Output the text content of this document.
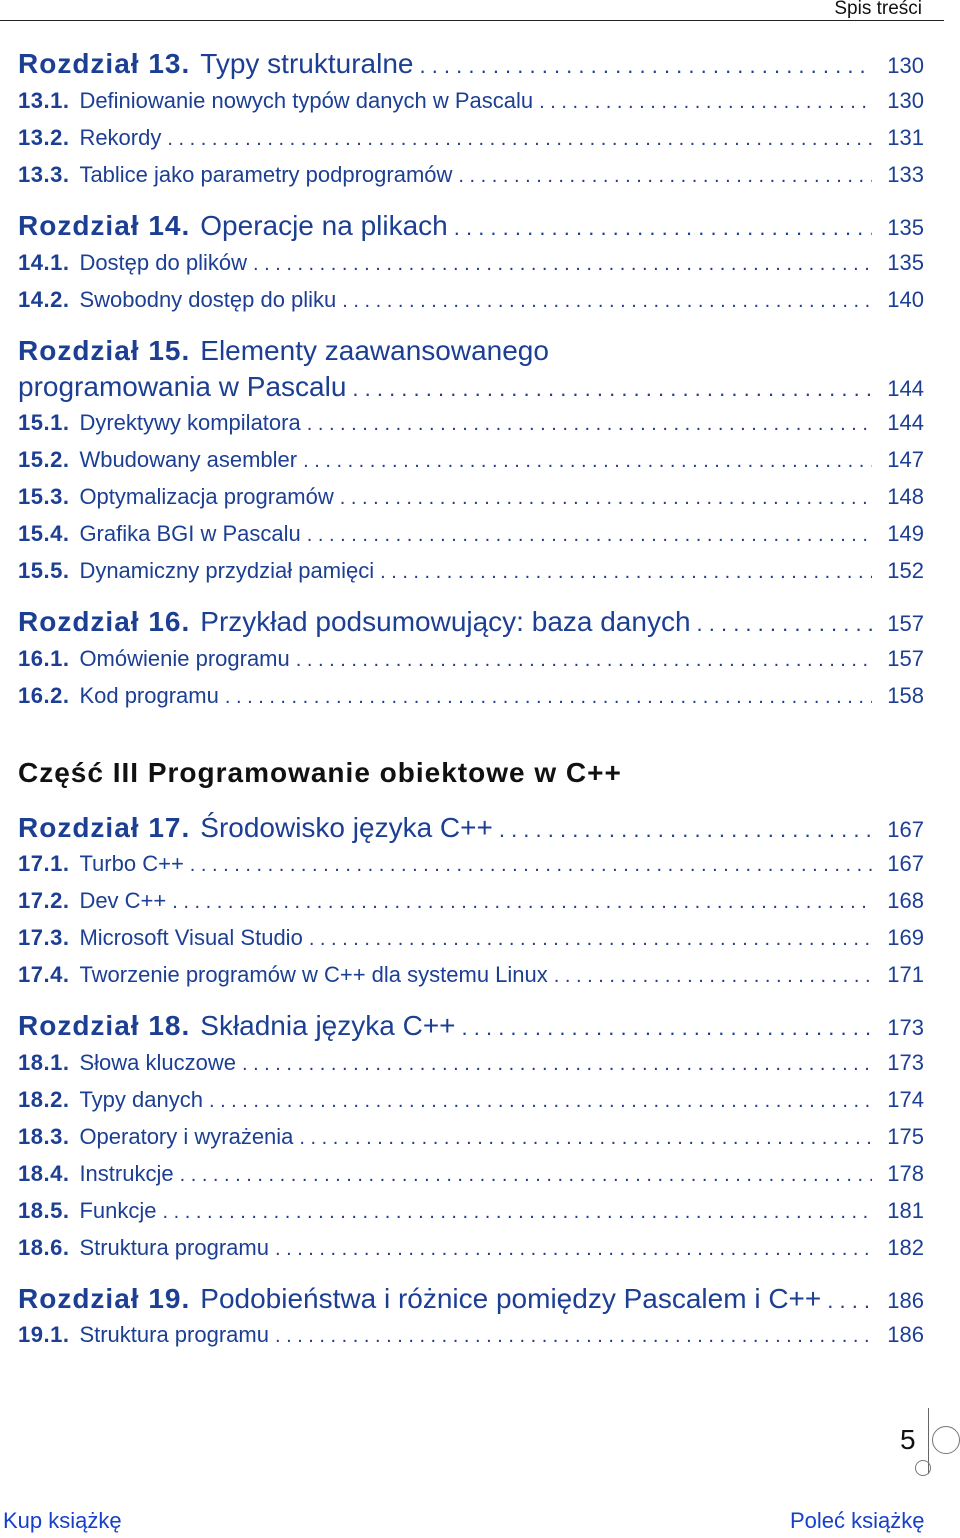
Spis treści
Rozdział 13. Typy strukturalne . . .	130
13.1. Definiowanie nowych typów danych w Pascalu . . .	130
13.2. Rekordy . . .	131
13.3. Tablice jako parametry podprogramów . . .	133
Rozdział 14. Operacje na plikach . . .	135
14.1. Dostęp do plików . . .	135
14.2. Swobodny dostęp do pliku . . .	140
Rozdział 15. Elementy zaawansowanego
programowania w Pascalu . . .	144
15.1. Dyrektywy kompilatora . . .	144
15.2. Wbudowany asembler . . .	147
15.3. Optymalizacja programów . . .	148
15.4. Grafika BGI w Pascalu . . .	149
15.5. Dynamiczny przydział pamięci . . .	152
Rozdział 16. Przykład podsumowujący: baza danych . . .	157
16.1. Omówienie programu . . .	157
16.2. Kod programu . . .	158
Część III Programowanie obiektowe w C++
Rozdział 17. Środowisko języka C++ . . .	167
17.1. Turbo C++ . . .	167
17.2. Dev C++ . . .	168
17.3. Microsoft Visual Studio . . .	169
17.4. Tworzenie programów w C++ dla systemu Linux . . .	171
Rozdział 18. Składnia języka C++ . . .	173
18.1. Słowa kluczowe . . .	173
18.2. Typy danych . . .	174
18.3. Operatory i wyrażenia . . .	175
18.4. Instrukcje . . .	178
18.5. Funkcje . . .	181
18.6. Struktura programu . . .	182
Rozdział 19. Podobieństwa i różnice pomiędzy Pascalem i C++ . . .	186
19.1. Struktura programu . . .	186
5
Kup książkę	Poleć książkę
